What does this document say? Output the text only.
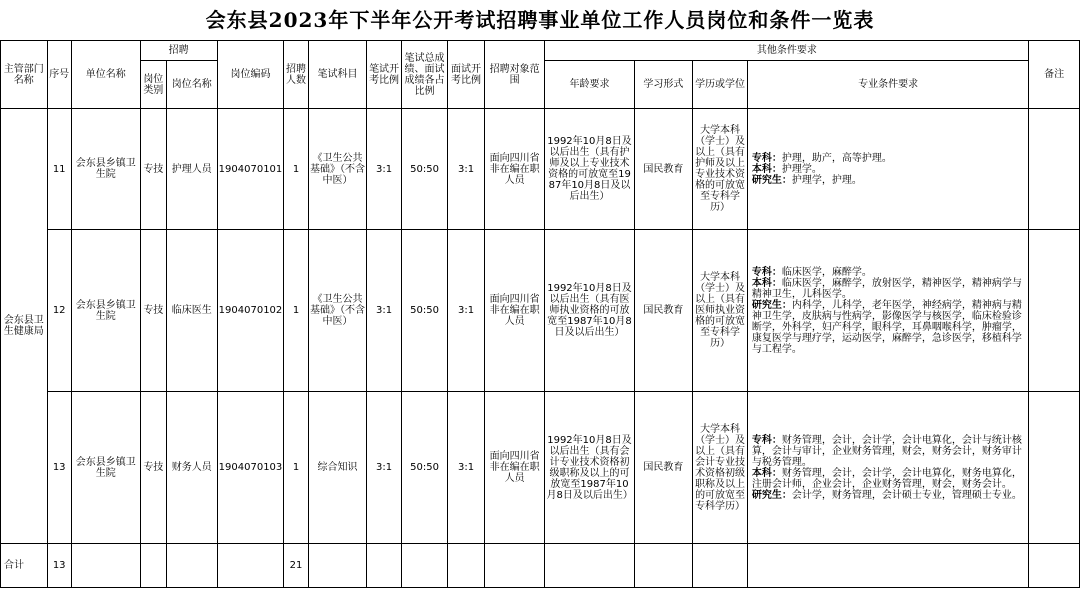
会东县2023年下半年公开考试招聘事业单位工作人员岗位和条件一览表
主管部门名称	序号	单位名称	招聘		岗位编码	招聘人数	笔试科目	笔试开考比例	笔试总成绩、面试成绩各占比例	面试开考比例	招聘对象范围	其他条件要求				备注
			岗位类别	岗位名称								年龄要求	学习形式	学历或学位	专业条件要求	
会东县卫生健康局	11	会东县乡镇卫生院	专技	护理人员	1904070101	1	《卫生公共基础》（不含中医）	3:1	50:50	3:1	面向四川省非在编在职人员	1992年10月8日及以后出生（具有护师及以上专业技术资格的可放宽至1987年10月8日及以后出生）	国民教育	大学本科（学士）及以上（具有护师及以上专业技术资格的可放宽至专科学历）	专科：护理，助产，高等护理。
本科：护理学。
研究生：护理学，护理。	

	12	会东县乡镇卫生院	专技	临床医生	1904070102	1	《卫生公共基础》（不含中医）	3:1	50:50	3:1	面向四川省非在编在职人员	1992年10月8日及以后出生（具有医师执业资格的可放宽至1987年10月8日及以后出生）	国民教育	大学本科（学士）及以上（具有医师执业资格的可放宽至专科学历）	专科：临床医学，麻醉学。
本科：临床医学，麻醉学，放射医学，精神医学，精神病学与精神卫生，儿科医学。
研究生：内科学，儿科学，老年医学，神经病学，精神病与精神卫生学，皮肤病与性病学，影像医学与核医学，临床检验诊断学，外科学，妇产科学，眼科学，耳鼻咽喉科学，肿瘤学，康复医学与理疗学，运动医学，麻醉学，急诊医学，移植科学与工程学。	

	13	会东县乡镇卫生院	专技	财务人员	1904070103	1	综合知识	3:1	50:50	3:1	面向四川省非在编在职人员	1992年10月8日及以后出生（具有会计专业技术资格初级职称及以上的可放宽至1987年10月8日及以后出生）	国民教育	大学本科（学士）及以上（具有会计专业技术资格初级职称及以上的可放宽至专科学历）	专科：财务管理，会计，会计学，会计电算化，会计与统计核算，会计与审计，企业财务管理，财会，财务会计，财务审计与税务管理。
本科：财务管理，会计，会计学，会计电算化，财务电算化，注册会计师，企业会计，企业财务管理，财会，财务会计。
研究生：会计学，财务管理，会计硕士专业，管理硕士专业。	

合计	13					21										
